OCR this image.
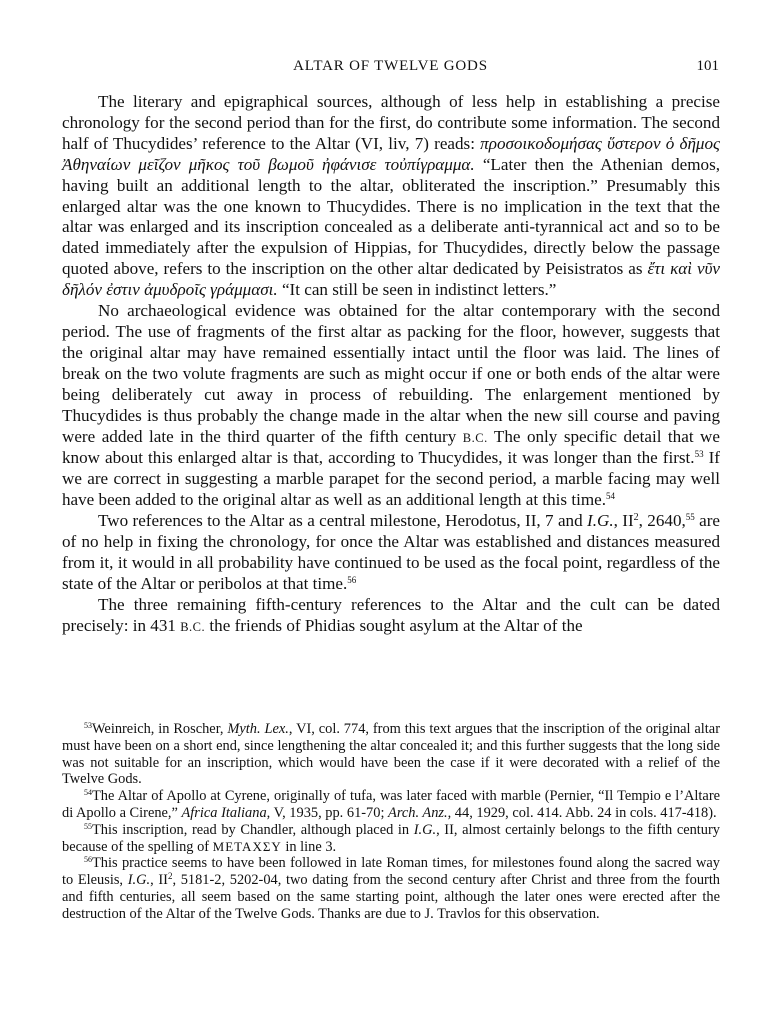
ALTAR OF TWELVE GODS	101

The literary and epigraphical sources, although of less help in establishing a precise chronology for the second period than for the first, do contribute some information. The second half of Thucydides’ reference to the Altar (VI, liv, 7) reads: προσοικοδομήσας ὕστερον ὁ δῆμος Ἀθηναίων μεῖζον μῆκος τοῦ βωμοῦ ἠφάνισε τοὐπίγραμμα. “Later then the Athenian demos, having built an additional length to the altar, obliterated the inscription.” Presumably this enlarged altar was the one known to Thucydides. There is no implication in the text that the altar was enlarged and its inscription concealed as a deliberate anti-tyrannical act and so to be dated immediately after the expulsion of Hippias, for Thucydides, directly below the passage quoted above, refers to the inscription on the other altar dedicated by Peisistratos as ἔτι καὶ νῦν δῆλόν ἐστιν ἀμυδροῖς γράμμασι. “It can still be seen in indistinct letters.”

No archaeological evidence was obtained for the altar contemporary with the second period. The use of fragments of the first altar as packing for the floor, however, suggests that the original altar may have remained essentially intact until the floor was laid. The lines of break on the two volute fragments are such as might occur if one or both ends of the altar were being deliberately cut away in process of rebuilding. The enlargement mentioned by Thucydides is thus probably the change made in the altar when the new sill course and paving were added late in the third quarter of the fifth century B.C. The only specific detail that we know about this enlarged altar is that, according to Thucydides, it was longer than the first.$^{53}$ If we are correct in suggesting a marble parapet for the second period, a marble facing may well have been added to the original altar as well as an additional length at this time.$^{54}$

Two references to the Altar as a central milestone, Herodotus, II, 7 and I.G., $II^2$, 2640,55 are of no help in fixing the chronology, for once the Altar was established and distances measured from it, it would in all probability have continued to be used as the focal point, regardless of the state of the Altar or peribolos at that time.$^{56}$

The three remaining fifth-century references to the Altar and the cult can be dated precisely: in 431 B.C. the friends of Phidias sought asylum at the Altar of the

$^{53}$Weinreich, in Roscher, Myth. Lex., VI, col. 774, from this text argues that the inscription of the original altar must have been on a short end, since lengthening the altar concealed it; and this further suggests that the long side was not suitable for an inscription, which would have been the case if it were decorated with a relief of the Twelve Gods.

$^{54}$The Altar of Apollo at Cyrene, originally of tufa, was later faced with marble (Pernier, “Il Tempio e l’Altare di Apollo a Cirene,” Africa Italiana, V, 1935, pp. 61-70; Arch. Anz., 44, 1929, col. 414. Abb. 24 in cols. 417-418).

$^{55}$This inscription, read by Chandler, although placed in I.G., II, almost certainly belongs to the fifth century because of the spelling of ΜΕΤΑΧΣΥ in line 3.

$^{56}$This practice seems to have been followed in late Roman times, for milestones found along the sacred way to Eleusis, I.G., $II^2$, 5181-2, 5202-04, two dating from the second century after Christ and three from the fourth and fifth centuries, all seem based on the same starting point, although the later ones were erected after the destruction of the Altar of the Twelve Gods. Thanks are due to J. Travlos for this observation.
